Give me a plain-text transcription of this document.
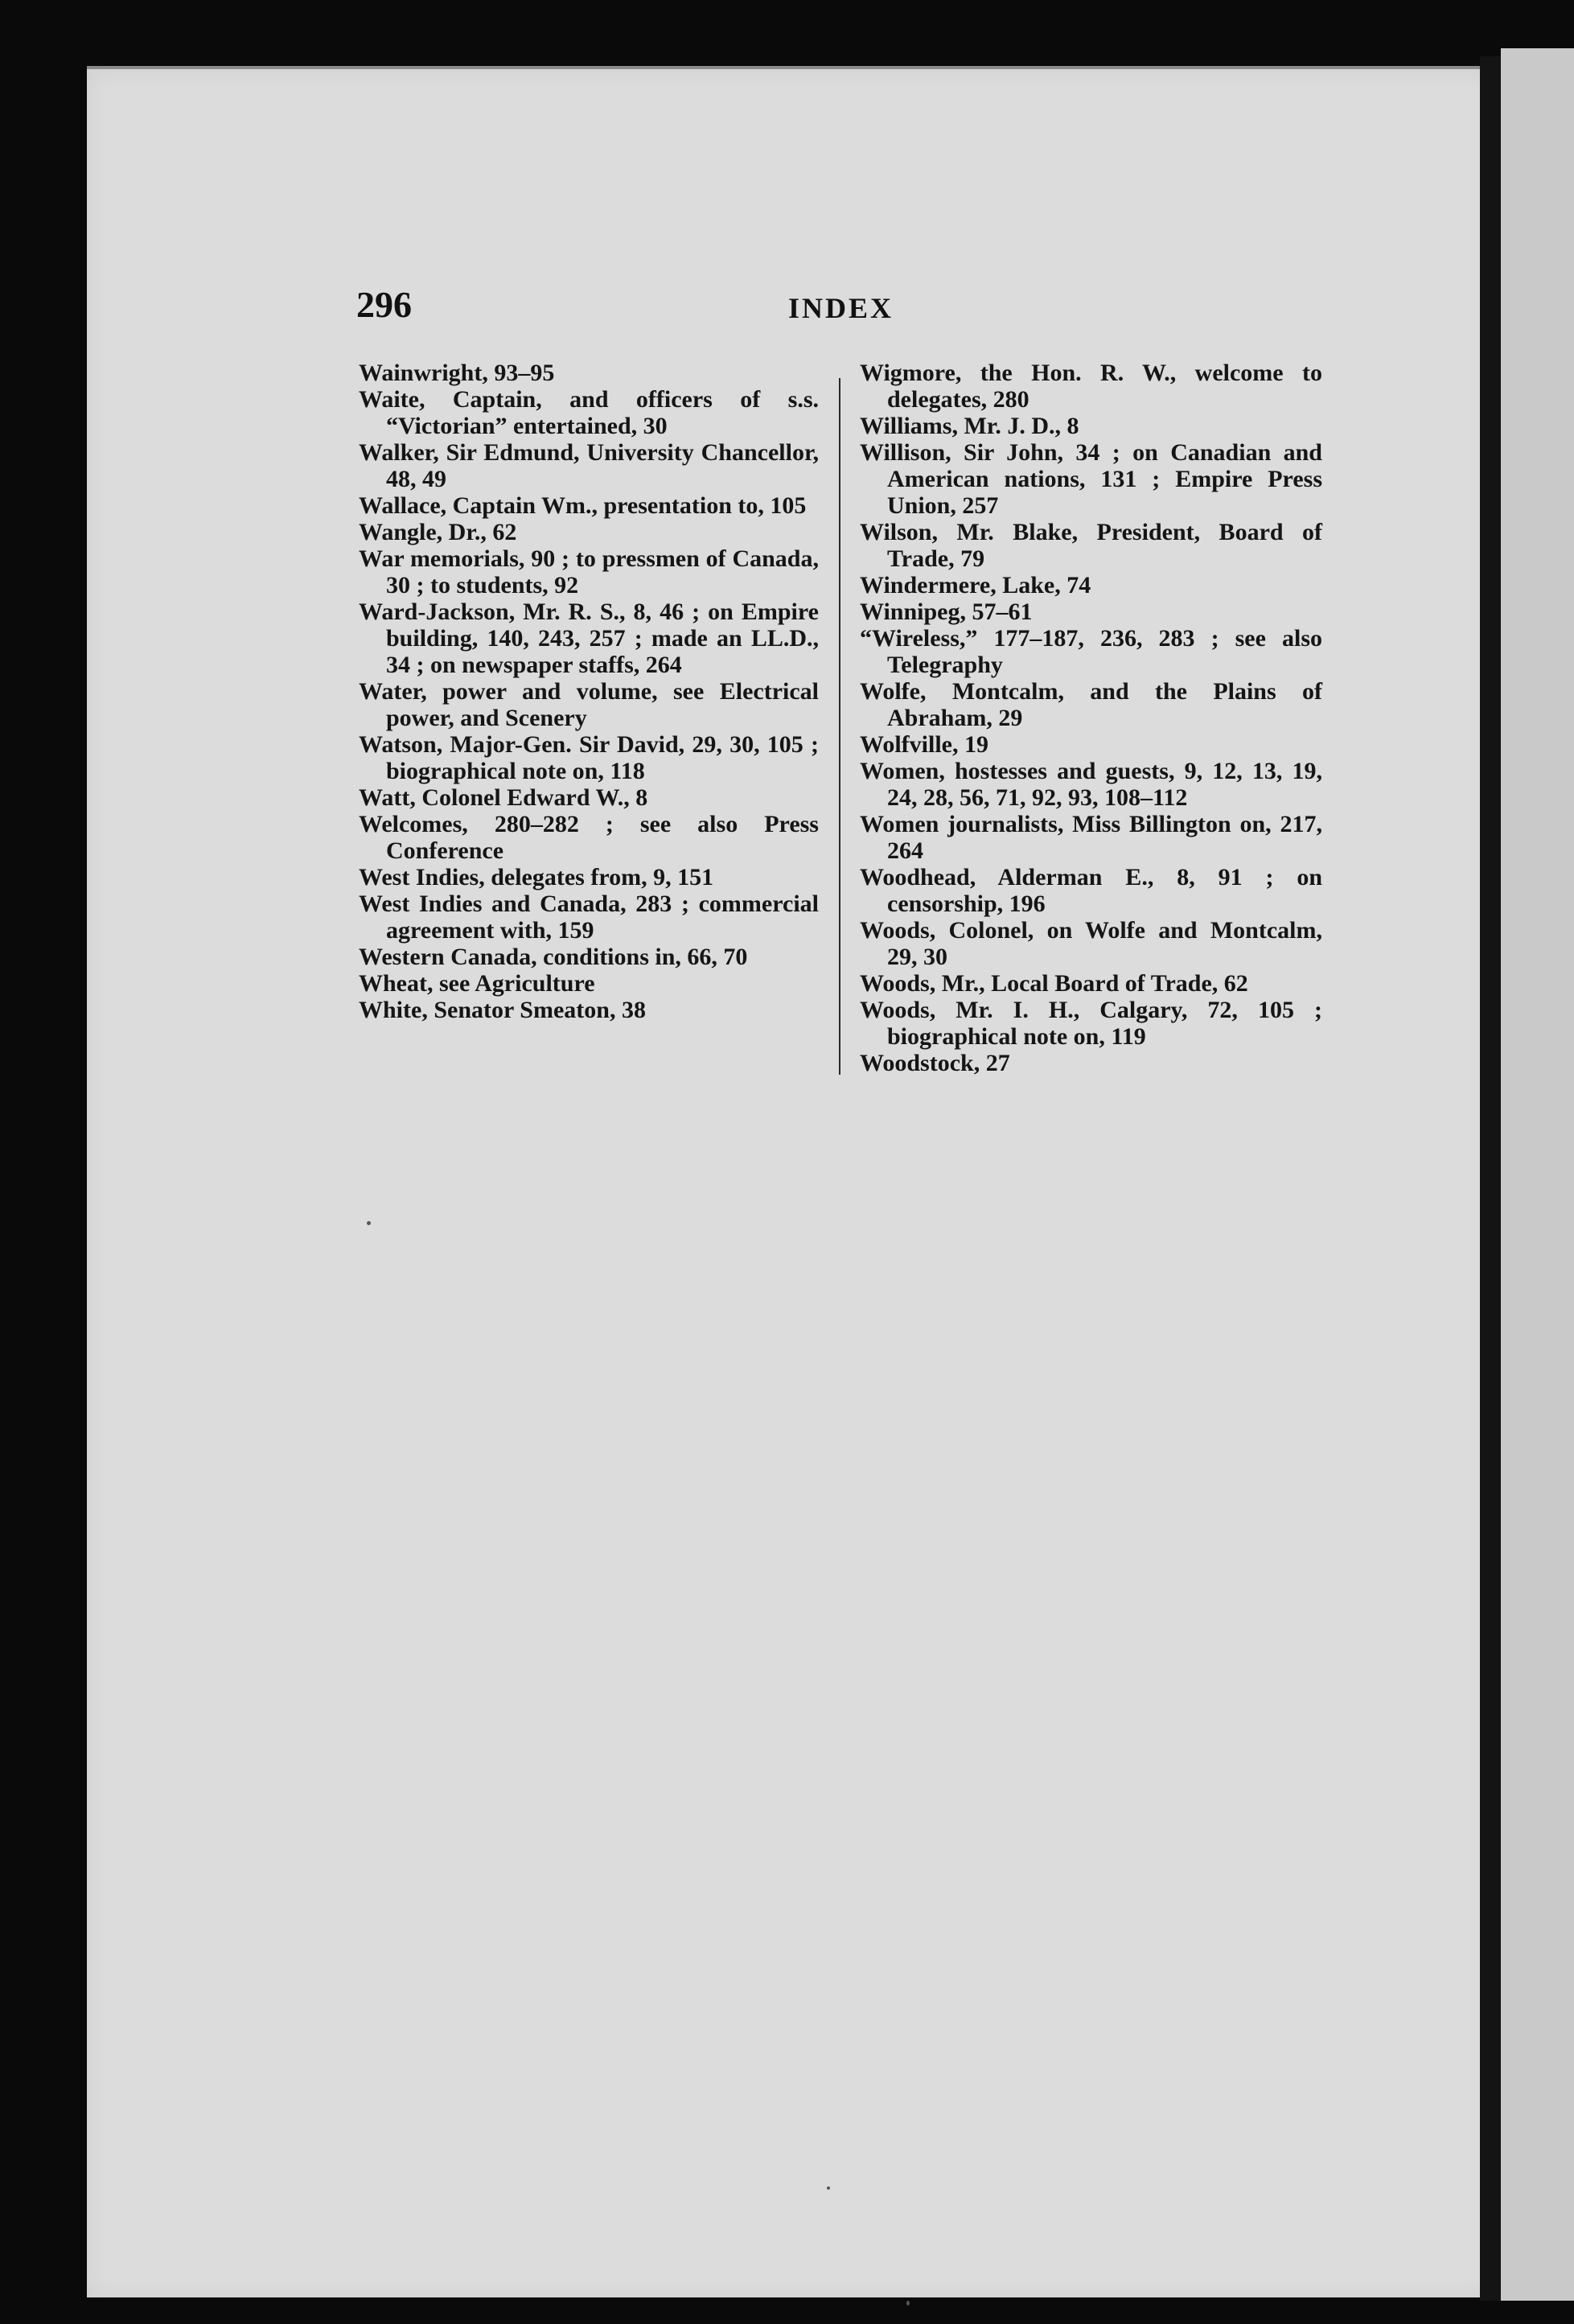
296	INDEX

Wainwright, 93–95

Waite, Captain, and officers of s.s. “Victorian” entertained, 30

Walker, Sir Edmund, University Chancellor, 48, 49

Wallace, Captain Wm., presentation to, 105

Wangle, Dr., 62

War memorials, 90 ; to pressmen of Canada, 30 ; to students, 92

Ward-Jackson, Mr. R. S., 8, 46 ; on Empire building, 140, 243, 257 ; made an LL.D., 34 ; on newspaper staffs, 264

Water, power and volume, see Electrical power, and Scenery

Watson, Major-Gen. Sir David, 29, 30, 105 ; biographical note on, 118

Watt, Colonel Edward W., 8

Welcomes, 280–282 ; see also Press Conference

West Indies, delegates from, 9, 151

West Indies and Canada, 283 ; commercial agreement with, 159

Western Canada, conditions in, 66, 70

Wheat, see Agriculture

White, Senator Smeaton, 38

Wigmore, the Hon. R. W., welcome to delegates, 280

Williams, Mr. J. D., 8

Willison, Sir John, 34 ; on Canadian and American nations, 131 ; Empire Press Union, 257

Wilson, Mr. Blake, President, Board of Trade, 79

Windermere, Lake, 74

Winnipeg, 57–61

“Wireless,” 177–187, 236, 283 ; see also Telegraphy

Wolfe, Montcalm, and the Plains of Abraham, 29

Wolfville, 19

Women, hostesses and guests, 9, 12, 13, 19, 24, 28, 56, 71, 92, 93, 108–112

Women journalists, Miss Billington on, 217, 264

Woodhead, Alderman E., 8, 91 ; on censorship, 196

Woods, Colonel, on Wolfe and Montcalm, 29, 30

Woods, Mr., Local Board of Trade, 62

Woods, Mr. I. H., Calgary, 72, 105 ; biographical note on, 119

Woodstock, 27
